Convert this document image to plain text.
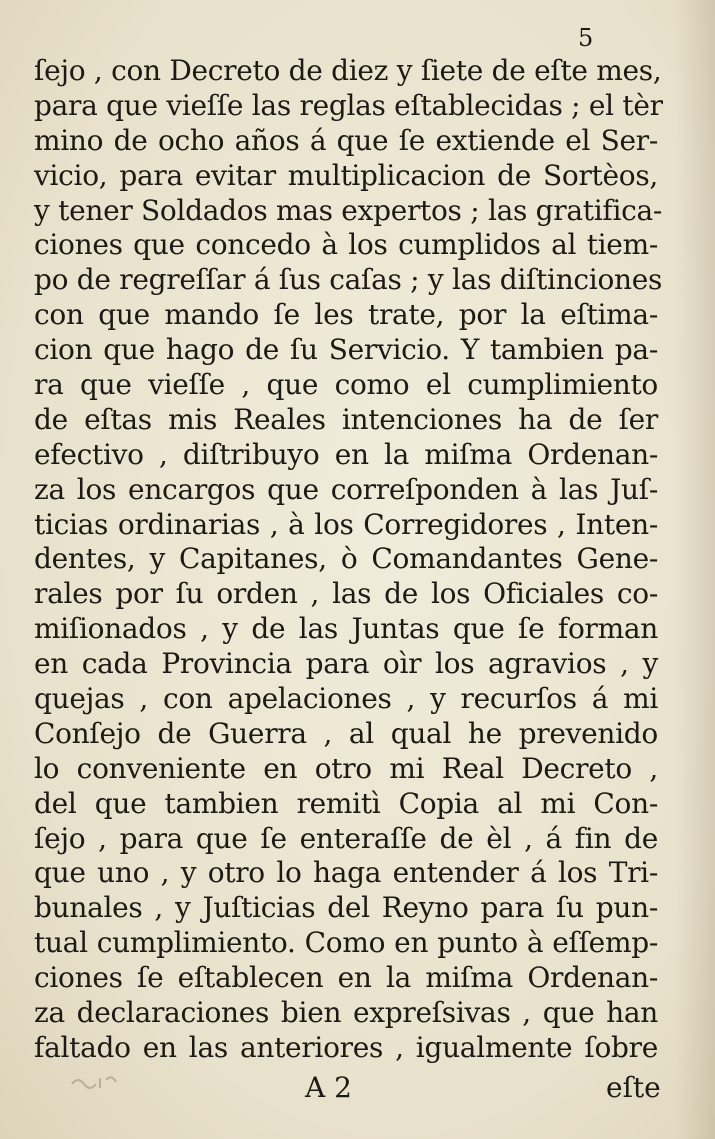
5
ſejo , con Decreto de diez y ſiete de eſte mes,
para que vieſſe las reglas eſtablecidas ; el tèr
mino de ocho años á que ſe extiende el Ser-
vicio, para evitar multiplicacion de Sortèos,
y tener Soldados mas expertos ; las gratifica-
ciones que concedo à los cumplidos al tiem-
po de regreſſar á ſus caſas ; y las diſtinciones
con que mando ſe les trate, por la eſtima-
cion que hago de ſu Servicio. Y tambien pa-
ra que vieſſe , que como el cumplimiento
de eſtas mis Reales intenciones ha de ſer
efectivo , diſtribuyo en la miſma Ordenan-
za los encargos que correſponden à las Juſ-
ticias ordinarias , à los Corregidores , Inten-
dentes, y Capitanes, ò Comandantes Gene-
rales por ſu orden , las de los Oficiales co-
miſionados , y de las Juntas que ſe forman
en cada Provincia para oìr los agravios , y
quejas , con apelaciones , y recurſos á mi
Conſejo de Guerra , al qual he prevenido
lo conveniente en otro mi Real Decreto ,
del que tambien remitì Copia al mi Con-
ſejo , para que ſe enteraſſe de èl , á fin de
que uno , y otro lo haga entender á los Tri-
bunales , y Juſticias del Reyno para ſu pun-
tual cumplimiento. Como en punto à eſſemp-
ciones ſe eſtablecen en la miſma Ordenan-
za declaraciones bien expreſsivas , que han
faltado en las anteriores , igualmente ſobre
A 2	eſte
